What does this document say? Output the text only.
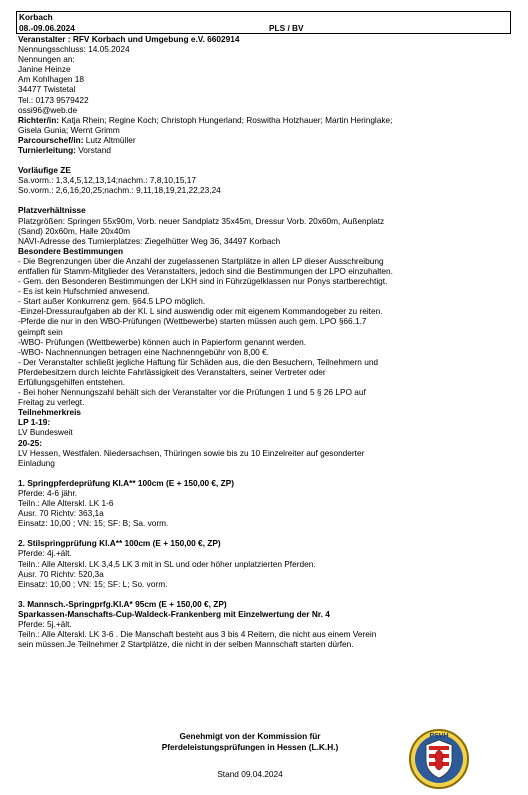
Korbach
08.-09.06.2024	PLS / BV
Veranstalter : RFV Korbach und Umgebung e.V. 6602914
Nennungsschluss: 14.05.2024
Nennungen an:
Janine Heinze
Am Kohlhagen 18
34477 Twistetal
Tel.: 0173 9579422
ossi96@web.de
Richter/in: Katja Rhein; Regine Koch; Christoph Hungerland; Roswitha Holzhauer; Martin Heringlake;
Gisela Gunia; Wernt Grimm
Parcourschef/in: Lutz Altmüller
Turnierleitung: Vorstand
Vorläufige ZE
Sa.vorm.: 1,3,4,5,12,13,14;nachm.: 7,8,10,15,17
So.vorm.: 2,6,16,20,25;nachm.: 9,11,18,19,21,22,23,24
Platzverhältnisse
Platzgrößen: Springen 55x90m, Vorb. neuer Sandplatz 35x45m, Dressur Vorb. 20x60m, Außenplatz
(Sand) 20x60m, Halle 20x40m
NAVI-Adresse des Turnierplatzes: Ziegelhütter Weg 36, 34497 Korbach
Besondere Bestimmungen
- Die Begrenzungen über die Anzahl der zugelassenen Startplätze in allen LP dieser Ausschreibung
entfallen für Stamm-Mitglieder des Veranstalters, jedoch sind die Bestimmungen der LPO einzuhalten.
- Gem. den Besonderen Bestimmungen der LKH sind in Führzügelklassen nur Ponys startberechtigt.
- Es ist kein Hufschmied anwesend.
- Start außer Konkurrenz gem. §64.5 LPO möglich.
-Einzel-Dressuraufgaben ab der Kl. L sind auswendig oder mit eigenem Kommandogeber zu reiten.
-Pferde die nur in den WBO-Prüfungen (Wettbewerbe) starten müssen auch gem. LPO §66.1.7
geimpft sein
-WBO- Prüfungen (Wettbewerbe) können auch in Papierform genannt werden.
-WBO- Nachnennungen betragen eine Nachnenngebühr von 8,00 €.
- Der Veranstalter schließt jegliche Haftung für Schäden aus, die den Besuchern, Teilnehmern und
Pferdebesitzern durch leichte Fahrlässigkeit des Veranstalters, seiner Vertreter oder
Erfüllungsgehilfen entstehen.
- Bei hoher Nennungszahl behält sich der Veranstalter vor die Prüfungen 1 und 5 § 26 LPO auf
Freitag zu verlegt.
Teilnehmerkreis
LP 1-19:
LV Bundesweit
20-25:
LV Hessen, Westfalen. Niedersachsen, Thüringen sowie bis zu 10 Einzelreiter auf gesonderter
Einladung
1. Springpferdeprüfung Kl.A** 100cm (E + 150,00 €, ZP)
Pferde: 4-6 jähr.
Teiln.: Alle Alterskl. LK 1-6
Ausr. 70 Richtv: 363,1a
Einsatz: 10,00 ; VN: 15; SF: B; Sa. vorm.
2. Stilspringprüfung Kl.A** 100cm (E + 150,00 €, ZP)
Pferde: 4j.+ält.
Teiln.: Alle Alterskl. LK 3,4,5 LK 3 mit in SL und oder höher unplatzierten Pferden.
Ausr. 70 Richtv: 520,3a
Einsatz: 10,00 ; VN: 15; SF: L; So. vorm.
3. Mannsch.-Springprfg.Kl.A* 95cm (E + 150,00 €, ZP)
Sparkassen-Manschafts-Cup-Waldeck-Frankenberg mit Einzelwertung der Nr. 4
Pferde: 5j.+ält.
Teiln.: Alle Alterskl. LK 3-6 . Die Manschaft besteht aus 3 bis 4 Reitern, die nicht aus einem Verein
sein müssen.Je Teilnehmer 2 Startplätze, die nicht in der selben Mannschaft starten dürfen.
Genehmigt von der Kommission für
Pferdeleistungsprüfungen in Hessen (L.K.H.)
Stand 09.04.2024
PSVH
